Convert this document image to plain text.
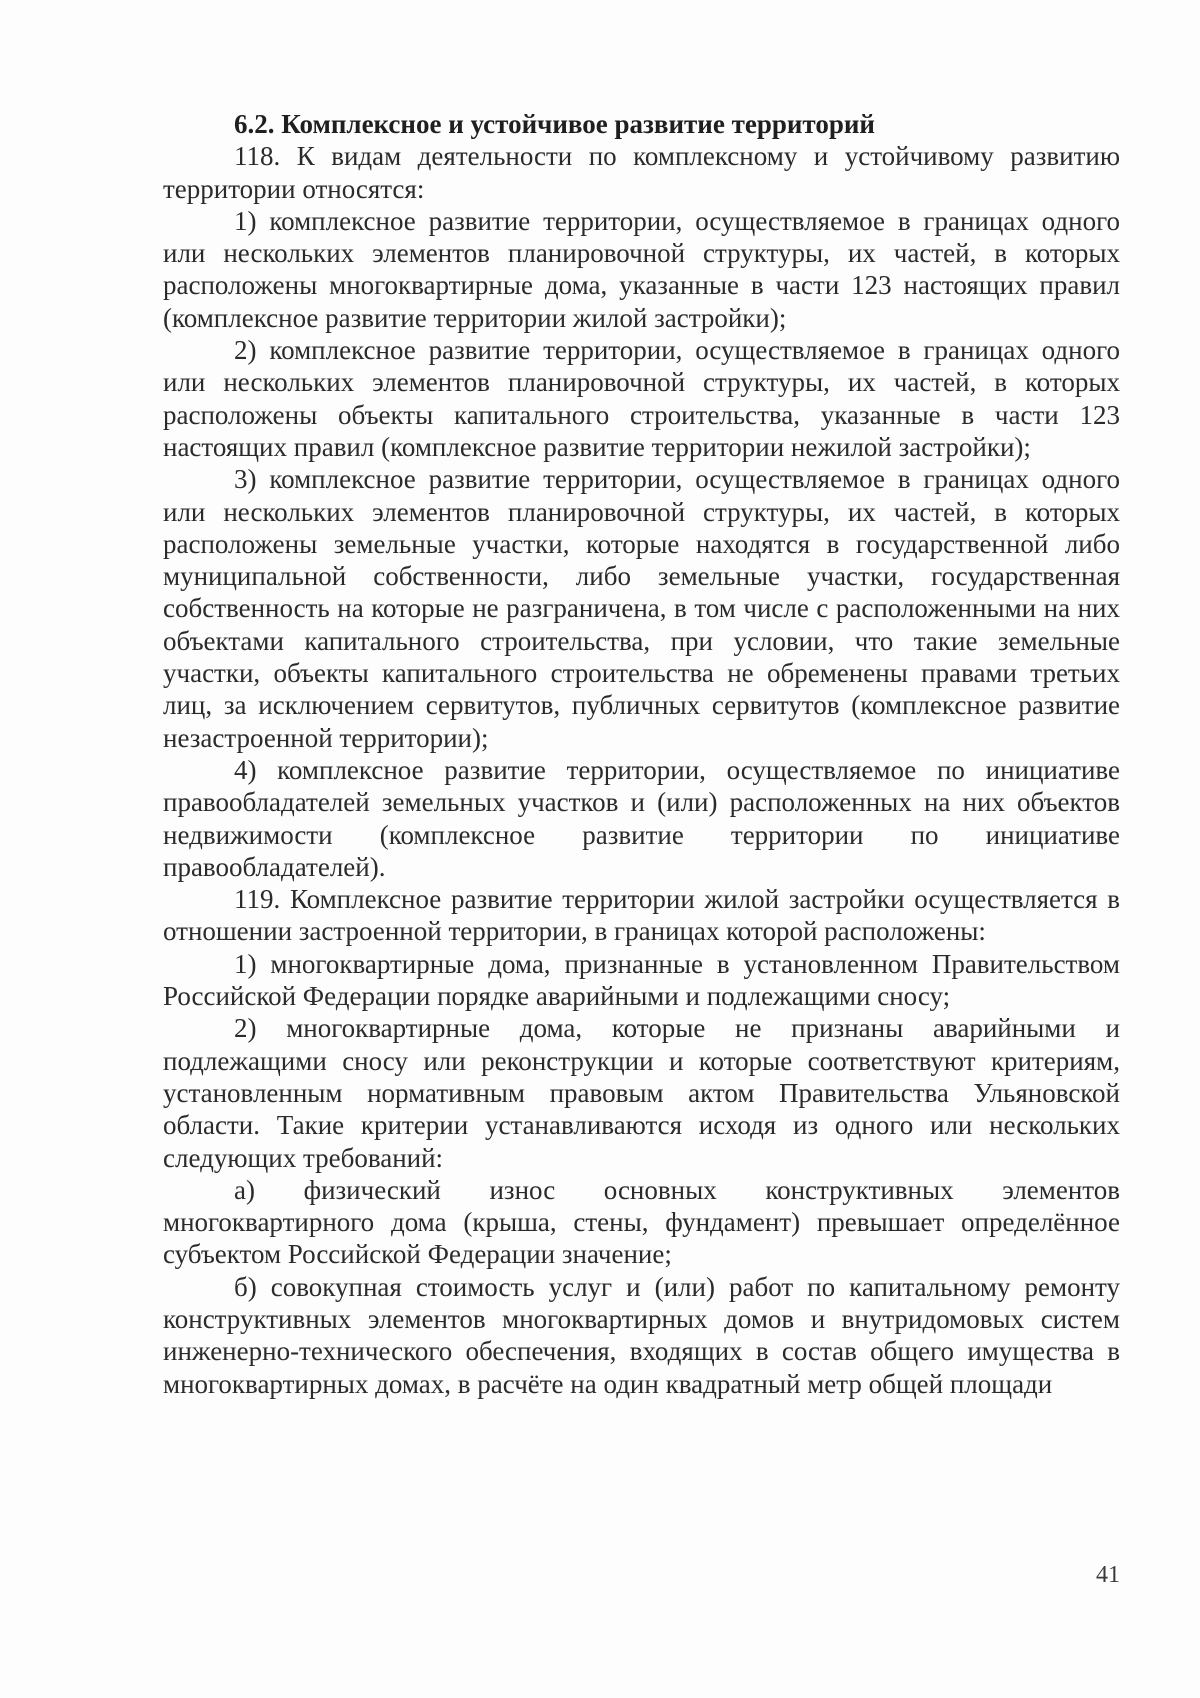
6.2. Комплексное и устойчивое развитие территорий

118. К видам деятельности по комплексному и устойчивому развитию территории относятся:

1) комплексное развитие территории, осуществляемое в границах одного или нескольких элементов планировочной структуры, их частей, в которых расположены многоквартирные дома, указанные в части 123 настоящих правил (комплексное развитие территории жилой застройки);

2) комплексное развитие территории, осуществляемое в границах одного или нескольких элементов планировочной структуры, их частей, в которых расположены объекты капитального строительства, указанные в части 123 настоящих правил (комплексное развитие территории нежилой застройки);

3) комплексное развитие территории, осуществляемое в границах одного или нескольких элементов планировочной структуры, их частей, в которых расположены земельные участки, которые находятся в государственной либо муниципальной собственности, либо земельные участки, государственная собственность на которые не разграничена, в том числе с расположенными на них объектами капитального строительства, при условии, что такие земельные участки, объекты капитального строительства не обременены правами третьих лиц, за исключением сервитутов, публичных сервитутов (комплексное развитие незастроенной территории);

4) комплексное развитие территории, осуществляемое по инициативе правообладателей земельных участков и (или) расположенных на них объектов недвижимости (комплексное развитие территории по инициативе правообладателей).

119. Комплексное развитие территории жилой застройки осуществляется в отношении застроенной территории, в границах которой расположены:

1) многоквартирные дома, признанные в установленном Правительством Российской Федерации порядке аварийными и подлежащими сносу;

2) многоквартирные дома, которые не признаны аварийными и подлежащими сносу или реконструкции и которые соответствуют критериям, установленным нормативным правовым актом Правительства Ульяновской области. Такие критерии устанавливаются исходя из одного или нескольких следующих требований:

а) физический износ основных конструктивных элементов многоквартирного дома (крыша, стены, фундамент) превышает определённое субъектом Российской Федерации значение;

б) совокупная стоимость услуг и (или) работ по капитальному ремонту конструктивных элементов многоквартирных домов и внутридомовых систем инженерно-технического обеспечения, входящих в состав общего имущества в многоквартирных домах, в расчёте на один квадратный метр общей площади

41
